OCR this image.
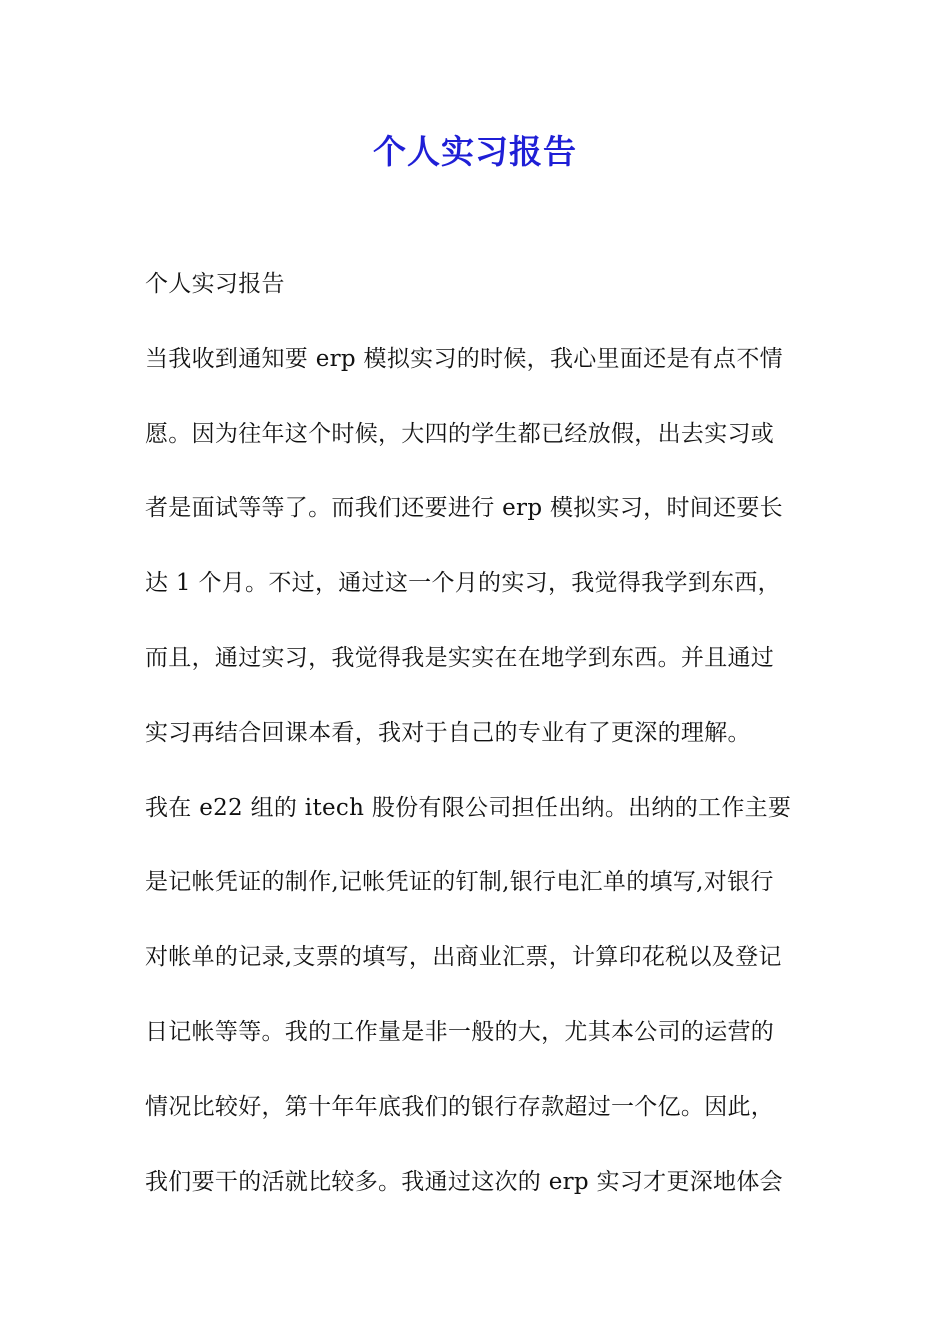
个人实习报告
个人实习报告
当我收到通知要 erp 模拟实习的时候，我心里面还是有点不情
愿。因为往年这个时候，大四的学生都已经放假，出去实习或
者是面试等等了。而我们还要进行 erp 模拟实习，时间还要长
达 1 个月。不过，通过这一个月的实习，我觉得我学到东西，
而且，通过实习，我觉得我是实实在在地学到东西。并且通过
实习再结合回课本看，我对于自己的专业有了更深的理解。
我在 e22 组的 itech 股份有限公司担任出纳。出纳的工作主要
是记帐凭证的制作,记帐凭证的钉制,银行电汇单的填写,对银行
对帐单的记录,支票的填写，出商业汇票，计算印花税以及登记
日记帐等等。我的工作量是非一般的大，尤其本公司的运营的
情况比较好，第十年年底我们的银行存款超过一个亿。因此，
我们要干的活就比较多。我通过这次的 erp 实习才更深地体会
